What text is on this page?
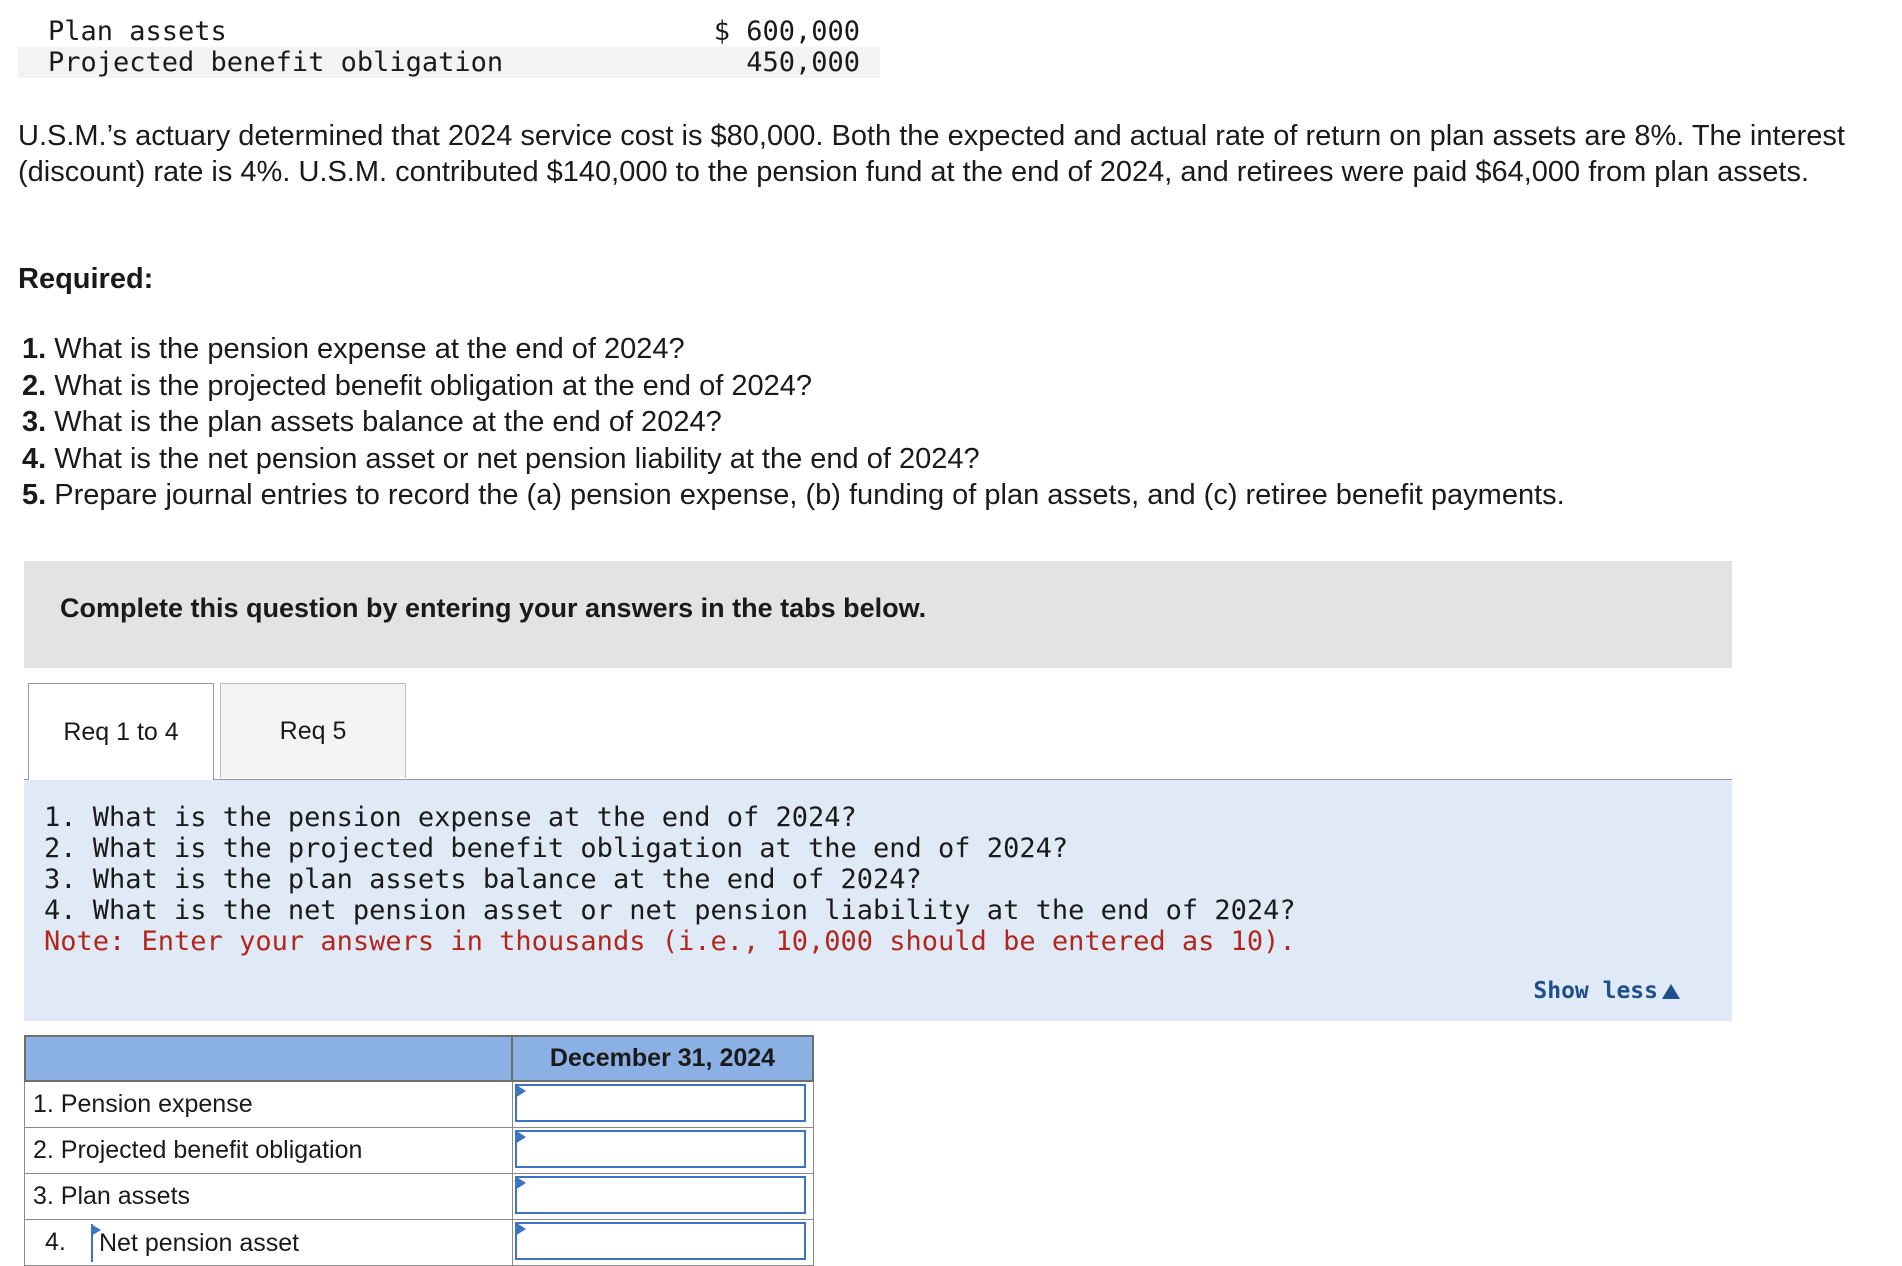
Plan assets	$ 600,000
Projected benefit obligation	450,000
U.S.M.’s actuary determined that 2024 service cost is $80,000. Both the expected and actual rate of return on plan assets are 8%. The interest (discount) rate is 4%. U.S.M. contributed $140,000 to the pension fund at the end of 2024, and retirees were paid $64,000 from plan assets.
Required:
1. What is the pension expense at the end of 2024?
2. What is the projected benefit obligation at the end of 2024?
3. What is the plan assets balance at the end of 2024?
4. What is the net pension asset or net pension liability at the end of 2024?
5. Prepare journal entries to record the (a) pension expense, (b) funding of plan assets, and (c) retiree benefit payments.
Complete this question by entering your answers in the tabs below.
Req 1 to 4	Req 5
1. What is the pension expense at the end of 2024?
2. What is the projected benefit obligation at the end of 2024?
3. What is the plan assets balance at the end of 2024?
4. What is the net pension asset or net pension liability at the end of 2024?
Note: Enter your answers in thousands (i.e., 10,000 should be entered as 10).
Show less
December 31, 2024
1. Pension expense
2. Projected benefit obligation
3. Plan assets
4.	Net pension asset
